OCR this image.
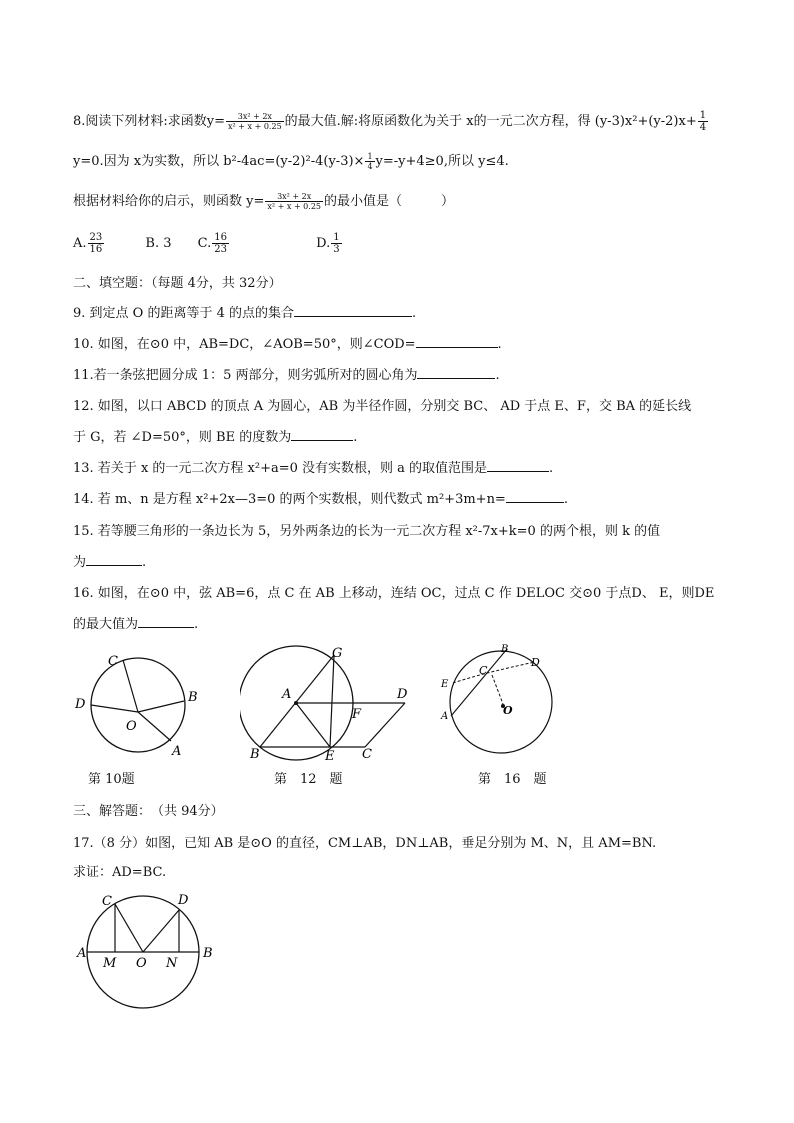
8.阅读下列材料:求函数$y= \frac{\text{3x² + 2x}}{\text{x² + x + 0.25}}$ 的最大值.解:将原函数化为关于 x的一元二次方程，得 $(y-3)x^2+(y-2)x+ \frac{1}{4}$
y=0.因为 x为实数，所以 $b^2-4ac=(y-2)^2-4(y-3)\times \frac{1}{4} y=-y+4\ge 0$,所以 y≤4.
根据材料给你的启示，则函数 $y= \frac{\text{3x² + 2x}}{\text{x² + x + 0.25}}$ 的最小值是（　　　）
A. $\frac{23}{16}$	B. 3 C. $\frac{16}{23}$	D. $\frac{1}{3}$
二、填空题：（每题 4分，共 32分）
9. 到定点 O 的距离等于 4 的点的集合	.
10. 如图，在⊙0 中，AB=DC，∠AOB=50°，则∠COD=	.
11.若一条弦把圆分成 1：5 两部分，则劣弧所对的圆心角为	.
12. 如图，以口 ABCD 的顶点 A 为圆心，AB 为半径作圆，分别交 BC、 AD 于点 E、F，交 BA 的延长线
于 G，若 ∠D=50°，则 BE 的度数为	.
13. 若关于 x 的一元二次方程 x²+a=0 没有实数根，则 a 的取值范围是	.
14. 若 m、n 是方程 x²+2x—3=0 的两个实数根，则代数式 m²+3m+n=	.
15. 若等腰三角形的一条边长为 5，另外两条边的长为一元二次方程 x²-7x+k=0 的两个根，则 k 的值
为	.
16. 如图，在⊙0 中，弦 AB=6，点 C 在 AB 上移动，连结 OC，过点 C 作 DELOC 交⊙0 于点D、 E，则DE
的最大值为	.
C
B
D
O
A
第 10题
G
A	D
F
B	E C
第　12　题
B
D
C
E
A	O
第　16　题
三、解答题：　（共 94分）
17.（8 分）如图，已知 AB 是⊙O 的直径，CM⊥AB，DN⊥AB，垂足分别为 M、N，且 AM=BN.
求证：AD=BC.
C	D
A
M O N
B
